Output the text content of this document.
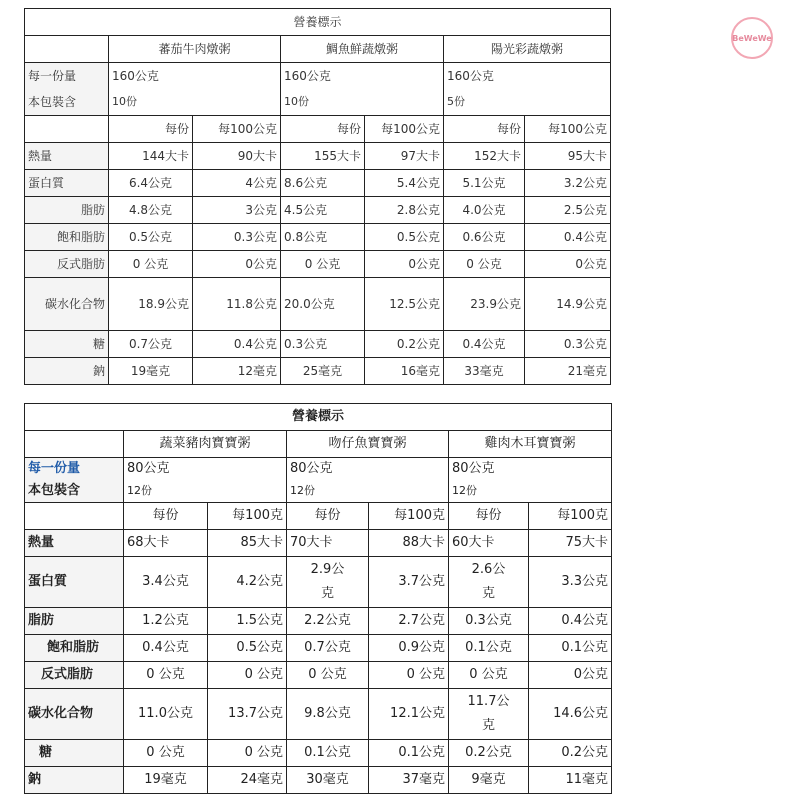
營養標示						
	蕃茄牛肉燉粥		鯛魚鮮蔬燉粥		陽光彩蔬燉粥	
每一份量	160公克		160公克		160公克	
本包裝含	10份		10份		5份	
	每份	每100公克	每份	每100公克	每份	每100公克
熱量	144大卡	90大卡	155大卡	97大卡	152大卡	95大卡
蛋白質	6.4公克	4公克	8.6公克	5.4公克	5.1公克	3.2公克
脂肪	4.8公克	3公克	4.5公克	2.8公克	4.0公克	2.5公克
飽和脂肪	0.5公克	0.3公克	0.8公克	0.5公克	0.6公克	0.4公克
反式脂肪	0 公克	0公克	0 公克	0公克	0 公克	0公克
碳水化合物	18.9公克	11.8公克	20.0公克	12.5公克	23.9公克	14.9公克
糖	0.7公克	0.4公克	0.3公克	0.2公克	0.4公克	0.3公克
鈉	19毫克	12毫克	25毫克	16毫克	33毫克	21毫克
營養標示						
	蔬菜豬肉寶寶粥		吻仔魚寶寶粥		雞肉木耳寶寶粥	
每一份量	80公克		80公克		80公克	
本包裝含	12份		12份		12份	
	每份	每100克	每份	每100克	每份	每100克
熱量	68大卡	85大卡	70大卡	88大卡	60大卡	75大卡
蛋白質	3.4公克	4.2公克	2.9公克	3.7公克	2.6公克	3.3公克
脂肪	1.2公克	1.5公克	2.2公克	2.7公克	0.3公克	0.4公克
飽和脂肪	0.4公克	0.5公克	0.7公克	0.9公克	0.1公克	0.1公克
反式脂肪	0 公克	0 公克	0 公克	0 公克	0 公克	0公克
碳水化合物	11.0公克	13.7公克	9.8公克	12.1公克	11.7公克	14.6公克
糖	0 公克	0 公克	0.1公克	0.1公克	0.2公克	0.2公克
鈉	19毫克	24毫克	30毫克	37毫克	9毫克	11毫克
BeWeWe
